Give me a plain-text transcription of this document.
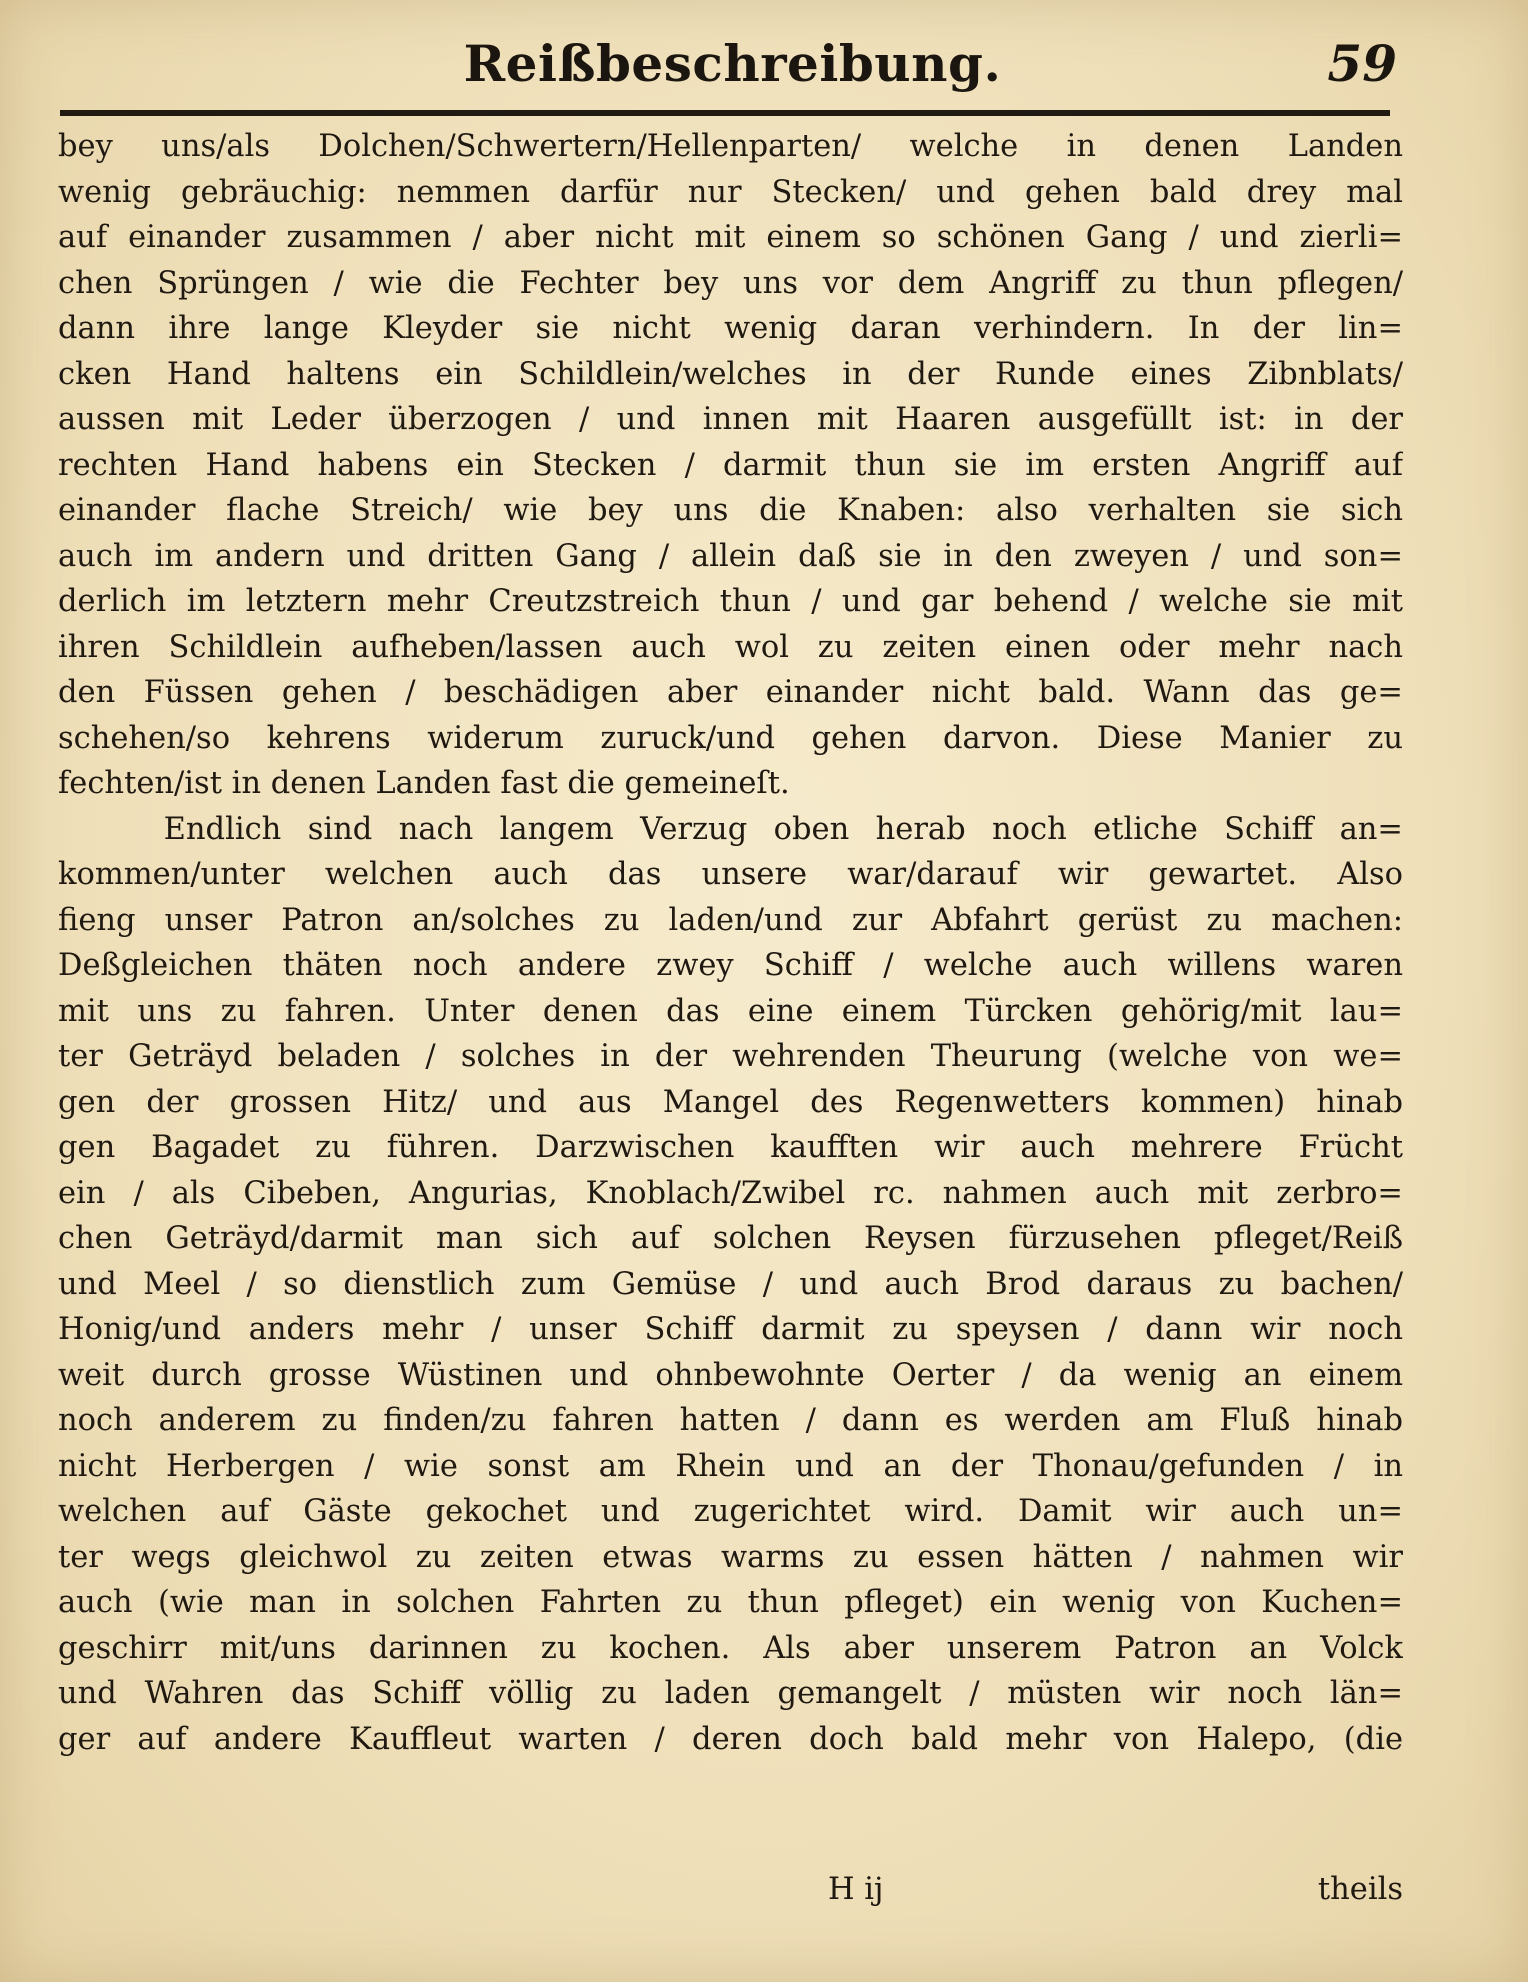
Reißbeschreibung.	59
bey uns/als Dolchen/Schwertern/Hellenparten/ welche in denen Landen
wenig gebräuchig: nemmen darfür nur Stecken/ und gehen bald drey mal
auf einander zusammen / aber nicht mit einem so schönen Gang / und zierli=
chen Sprüngen / wie die Fechter bey uns vor dem Angriff zu thun pflegen/
dann ihre lange Kleyder sie nicht wenig daran verhindern. In der lin=
cken Hand haltens ein Schildlein/welches in der Runde eines Zibnblats/
aussen mit Leder überzogen / und innen mit Haaren ausgefüllt ist: in der
rechten Hand habens ein Stecken / darmit thun sie im ersten Angriff auf
einander flache Streich/ wie bey uns die Knaben: also verhalten sie sich
auch im andern und dritten Gang / allein daß sie in den zweyen / und son=
derlich im letztern mehr Creutzstreich thun / und gar behend / welche sie mit
ihren Schildlein aufheben/lassen auch wol zu zeiten einen oder mehr nach
den Füssen gehen / beschädigen aber einander nicht bald. Wann das ge=
schehen/so kehrens widerum zuruck/und gehen darvon. Diese Manier zu
fechten/ist in denen Landen fast die gemeineſt.
Endlich sind nach langem Verzug oben herab noch etliche Schiff an=
kommen/unter welchen auch das unsere war/darauf wir gewartet. Also
fieng unser Patron an/solches zu laden/und zur Abfahrt gerüst zu machen:
Deßgleichen thäten noch andere zwey Schiff / welche auch willens waren
mit uns zu fahren. Unter denen das eine einem Türcken gehörig/mit lau=
ter Geträyd beladen / solches in der wehrenden Theurung (welche von we=
gen der grossen Hitz/ und aus Mangel des Regenwetters kommen) hinab
gen Bagadet zu führen. Darzwischen kaufften wir auch mehrere Frücht
ein / als Cibeben, Angurias, Knoblach/Zwibel rc. nahmen auch mit zerbro=
chen Geträyd/darmit man sich auf solchen Reysen fürzusehen pfleget/Reiß
und Meel / so dienstlich zum Gemüse / und auch Brod daraus zu bachen/
Honig/und anders mehr / unser Schiff darmit zu speysen / dann wir noch
weit durch grosse Wüstinen und ohnbewohnte Oerter / da wenig an einem
noch anderem zu finden/zu fahren hatten / dann es werden am Fluß hinab
nicht Herbergen / wie sonst am Rhein und an der Thonau/gefunden / in
welchen auf Gäste gekochet und zugerichtet wird. Damit wir auch un=
ter wegs gleichwol zu zeiten etwas warms zu essen hätten / nahmen wir
auch (wie man in solchen Fahrten zu thun pfleget) ein wenig von Kuchen=
geschirr mit/uns darinnen zu kochen. Als aber unserem Patron an Volck
und Wahren das Schiff völlig zu laden gemangelt / müsten wir noch län=
ger auf andere Kauffleut warten / deren doch bald mehr von Halepo, (die
H ij	theils
